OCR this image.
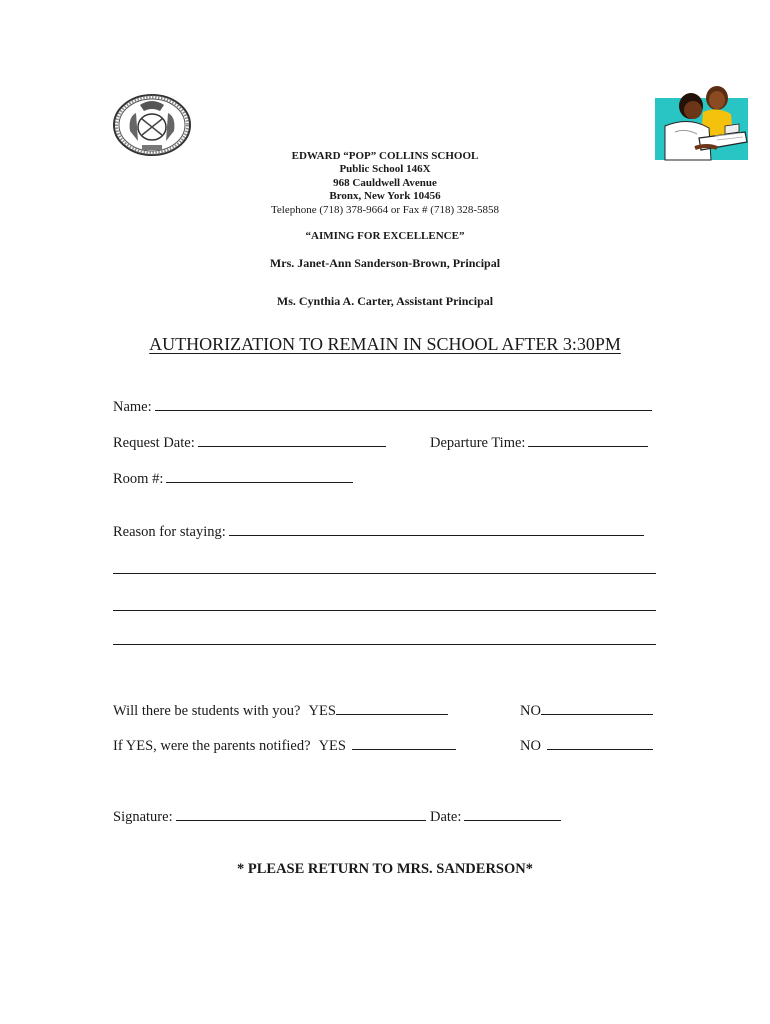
EDWARD “POP” COLLINS SCHOOL
Public School 146X
968 Cauldwell Avenue
Bronx, New York 10456
Telephone (718) 378-9664 or Fax # (718) 328-5858
“AIMING FOR EXCELLENCE”
Mrs. Janet-Ann Sanderson-Brown, Principal
Ms. Cynthia A. Carter, Assistant Principal
AUTHORIZATION TO REMAIN IN SCHOOL AFTER 3:30PM
Name:
Request Date:	Departure Time:
Room #:
Reason for staying:
Will there be students with you? YES	NO
If YES, were the parents notified? YES	NO
Signature:	Date:
* PLEASE RETURN TO MRS. SANDERSON*
